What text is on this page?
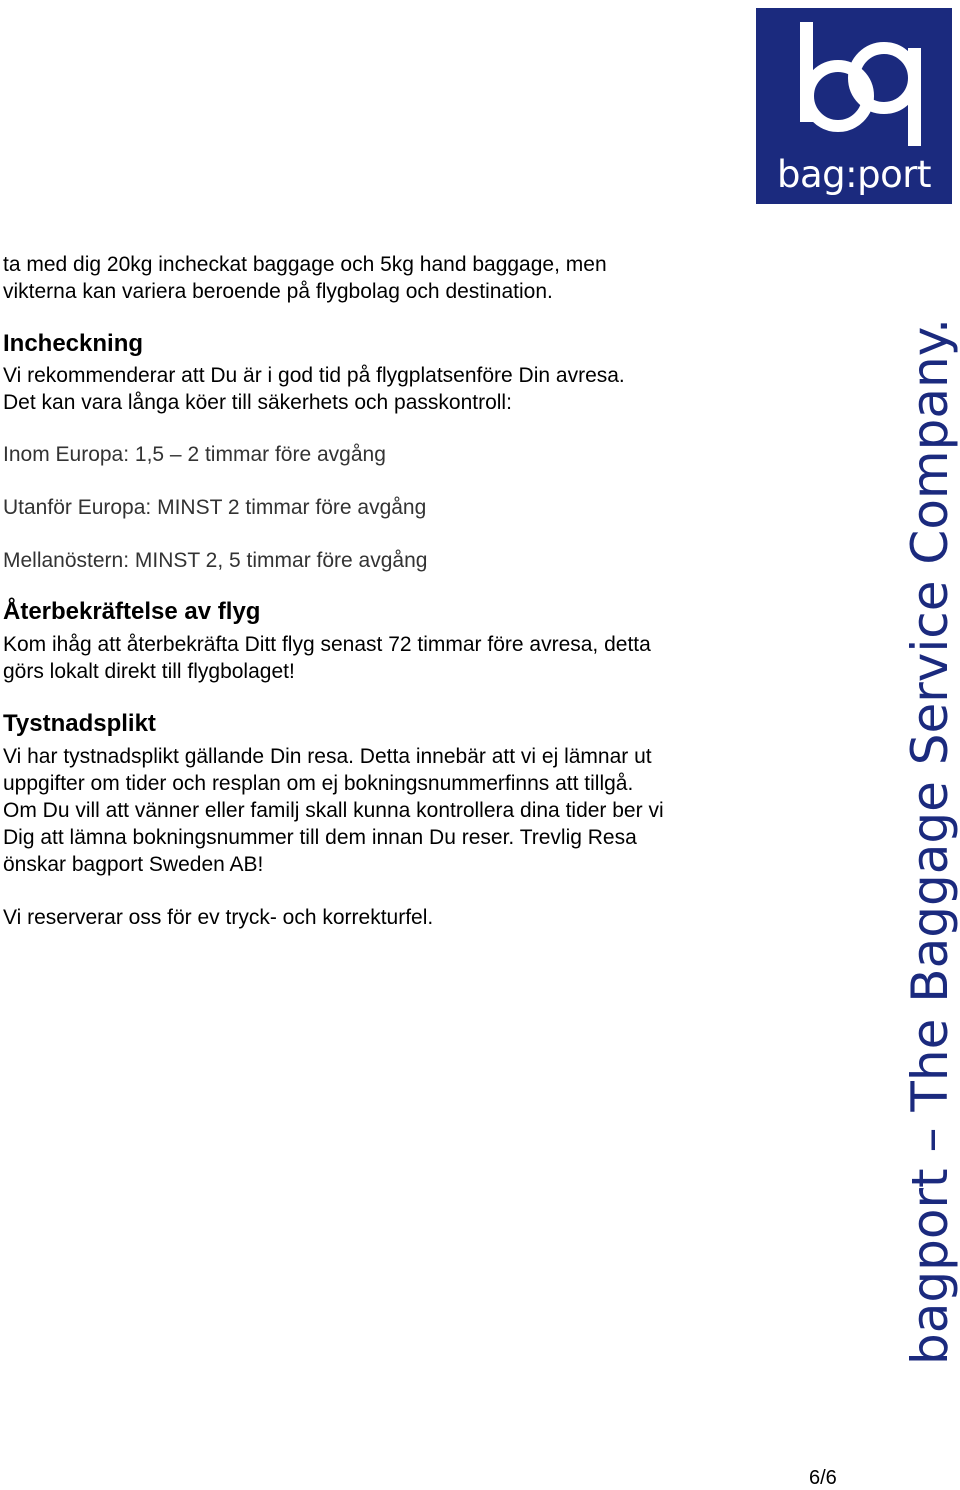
bag:port

ta med dig 20kg incheckat baggage och 5kg hand baggage, men

vikterna kan variera beroende på flygbolag och destination.

Incheckning

Vi rekommenderar att Du är i god tid på flygplatsenföre Din avresa.

Det kan vara långa köer till säkerhets och passkontroll:

Inom Europa: 1,5 – 2 timmar före avgång

Utanför Europa: MINST 2 timmar före avgång

Mellanöstern: MINST 2, 5 timmar före avgång

Återbekräftelse av flyg

Kom ihåg att återbekräfta Ditt flyg senast 72 timmar före avresa, detta

görs lokalt direkt till flygbolaget!

Tystnadsplikt

Vi har tystnadsplikt gällande Din resa. Detta innebär att vi ej lämnar ut

uppgifter om tider och resplan om ej bokningsnummerfinns att tillgå.

Om Du vill att vänner eller familj skall kunna kontrollera dina tider ber vi

Dig att lämna bokningsnummer till dem innan Du reser. Trevlig Resa

önskar bagport Sweden AB!

Vi reserverar oss för ev tryck- och korrekturfel.	bagport – The Baggage Service Company.
6/6
